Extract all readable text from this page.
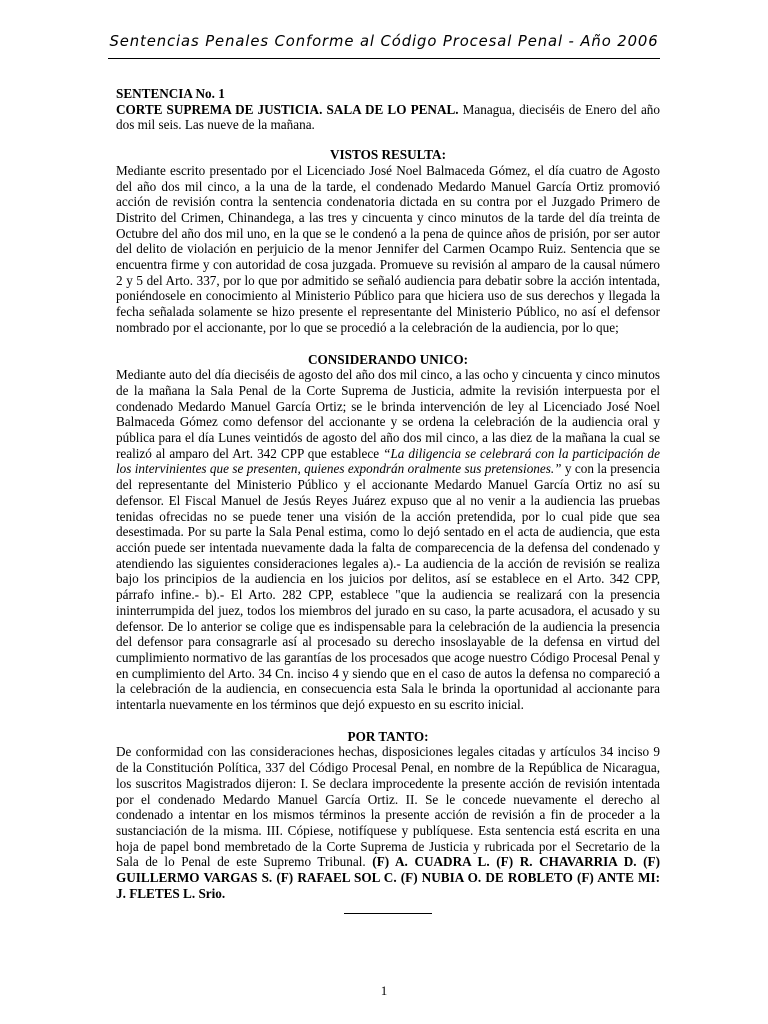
Sentencias Penales Conforme al Código Procesal Penal - Año 2006

SENTENCIA No. 1
CORTE SUPREMA DE JUSTICIA. SALA DE LO PENAL. Managua, dieciséis de Enero del año dos mil seis. Las nueve de la mañana.

VISTOS RESULTA:

Mediante escrito presentado por el Licenciado José Noel Balmaceda Gómez, el día cuatro de Agosto del año dos mil cinco, a la una de la tarde, el condenado Medardo Manuel García Ortiz promovió acción de revisión contra la sentencia condenatoria dictada en su contra por el Juzgado Primero de Distrito del Crimen, Chinandega, a las tres y cincuenta y cinco minutos de la tarde del día treinta de Octubre del año dos mil uno, en la que se le condenó a la pena de quince años de prisión, por ser autor del delito de violación en perjuicio de la menor Jennifer del Carmen Ocampo Ruiz. Sentencia que se encuentra firme y con autoridad de cosa juzgada. Promueve su revisión al amparo de la causal número 2 y 5 del Arto. 337, por lo que por admitido se señaló audiencia para debatir sobre la acción intentada, poniéndosele en conocimiento al Ministerio Público para que hiciera uso de sus derechos y llegada la fecha señalada solamente se hizo presente el representante del Ministerio Público, no así el defensor nombrado por el accionante, por lo que se procedió a la celebración de la audiencia, por lo que;

CONSIDERANDO UNICO:

Mediante auto del día dieciséis de agosto del año dos mil cinco, a las ocho y cincuenta y cinco minutos de la mañana la Sala Penal de la Corte Suprema de Justicia, admite la revisión interpuesta por el condenado Medardo Manuel García Ortiz; se le brinda intervención de ley al Licenciado José Noel Balmaceda Gómez como defensor del accionante y se ordena la celebración de la audiencia oral y pública para el día Lunes veintidós de agosto del año dos mil cinco, a las diez de la mañana la cual se realizó al amparo del Art. 342 CPP que establece “La diligencia se celebrará con la participación de los intervinientes que se presenten, quienes expondrán oralmente sus pretensiones.” y con la presencia del representante del Ministerio Público y el accionante Medardo Manuel García Ortiz no así su defensor. El Fiscal Manuel de Jesús Reyes Juárez expuso que al no venir a la audiencia las pruebas tenidas ofrecidas no se puede tener una visión de la acción pretendida, por lo cual pide que sea desestimada. Por su parte la Sala Penal estima, como lo dejó sentado en el acta de audiencia, que esta acción puede ser intentada nuevamente dada la falta de comparecencia de la defensa del condenado y atendiendo las siguientes consideraciones legales a).- La audiencia de la acción de revisión se realiza bajo los principios de la audiencia en los juicios por delitos, así se establece en el Arto. 342 CPP, párrafo infine.- b).- El Arto. 282 CPP, establece "que la audiencia se realizará con la presencia ininterrumpida del juez, todos los miembros del jurado en su caso, la parte acusadora, el acusado y su defensor. De lo anterior se colige que es indispensable para la celebración de la audiencia la presencia del defensor para consagrarle así al procesado su derecho insoslayable de la defensa en virtud del cumplimiento normativo de las garantías de los procesados que acoge nuestro Código Procesal Penal y en cumplimiento del Arto. 34 Cn. inciso 4 y siendo que en el caso de autos la defensa no compareció a la celebración de la audiencia, en consecuencia esta Sala le brinda la oportunidad al accionante para intentarla nuevamente en los términos que dejó expuesto en su escrito inicial.

POR TANTO:

De conformidad con las consideraciones hechas, disposiciones legales citadas y artículos 34 inciso 9 de la Constitución Política, 337 del Código Procesal Penal, en nombre de la República de Nicaragua, los suscritos Magistrados dijeron: I. Se declara improcedente la presente acción de revisión intentada por el condenado Medardo Manuel García Ortiz. II. Se le concede nuevamente el derecho al condenado a intentar en los mismos términos la presente acción de revisión a fin de proceder a la sustanciación de la misma. III. Cópiese, notifíquese y publíquese. Esta sentencia está escrita en una hoja de papel bond membretado de la Corte Suprema de Justicia y rubricada por el Secretario de la Sala de lo Penal de este Supremo Tribunal. (F) A. CUADRA L. (F) R. CHAVARRIA D. (F) GUILLERMO VARGAS S. (F) RAFAEL SOL C. (F) NUBIA O. DE ROBLETO (F) ANTE MI: J. FLETES L. Srio.

1
